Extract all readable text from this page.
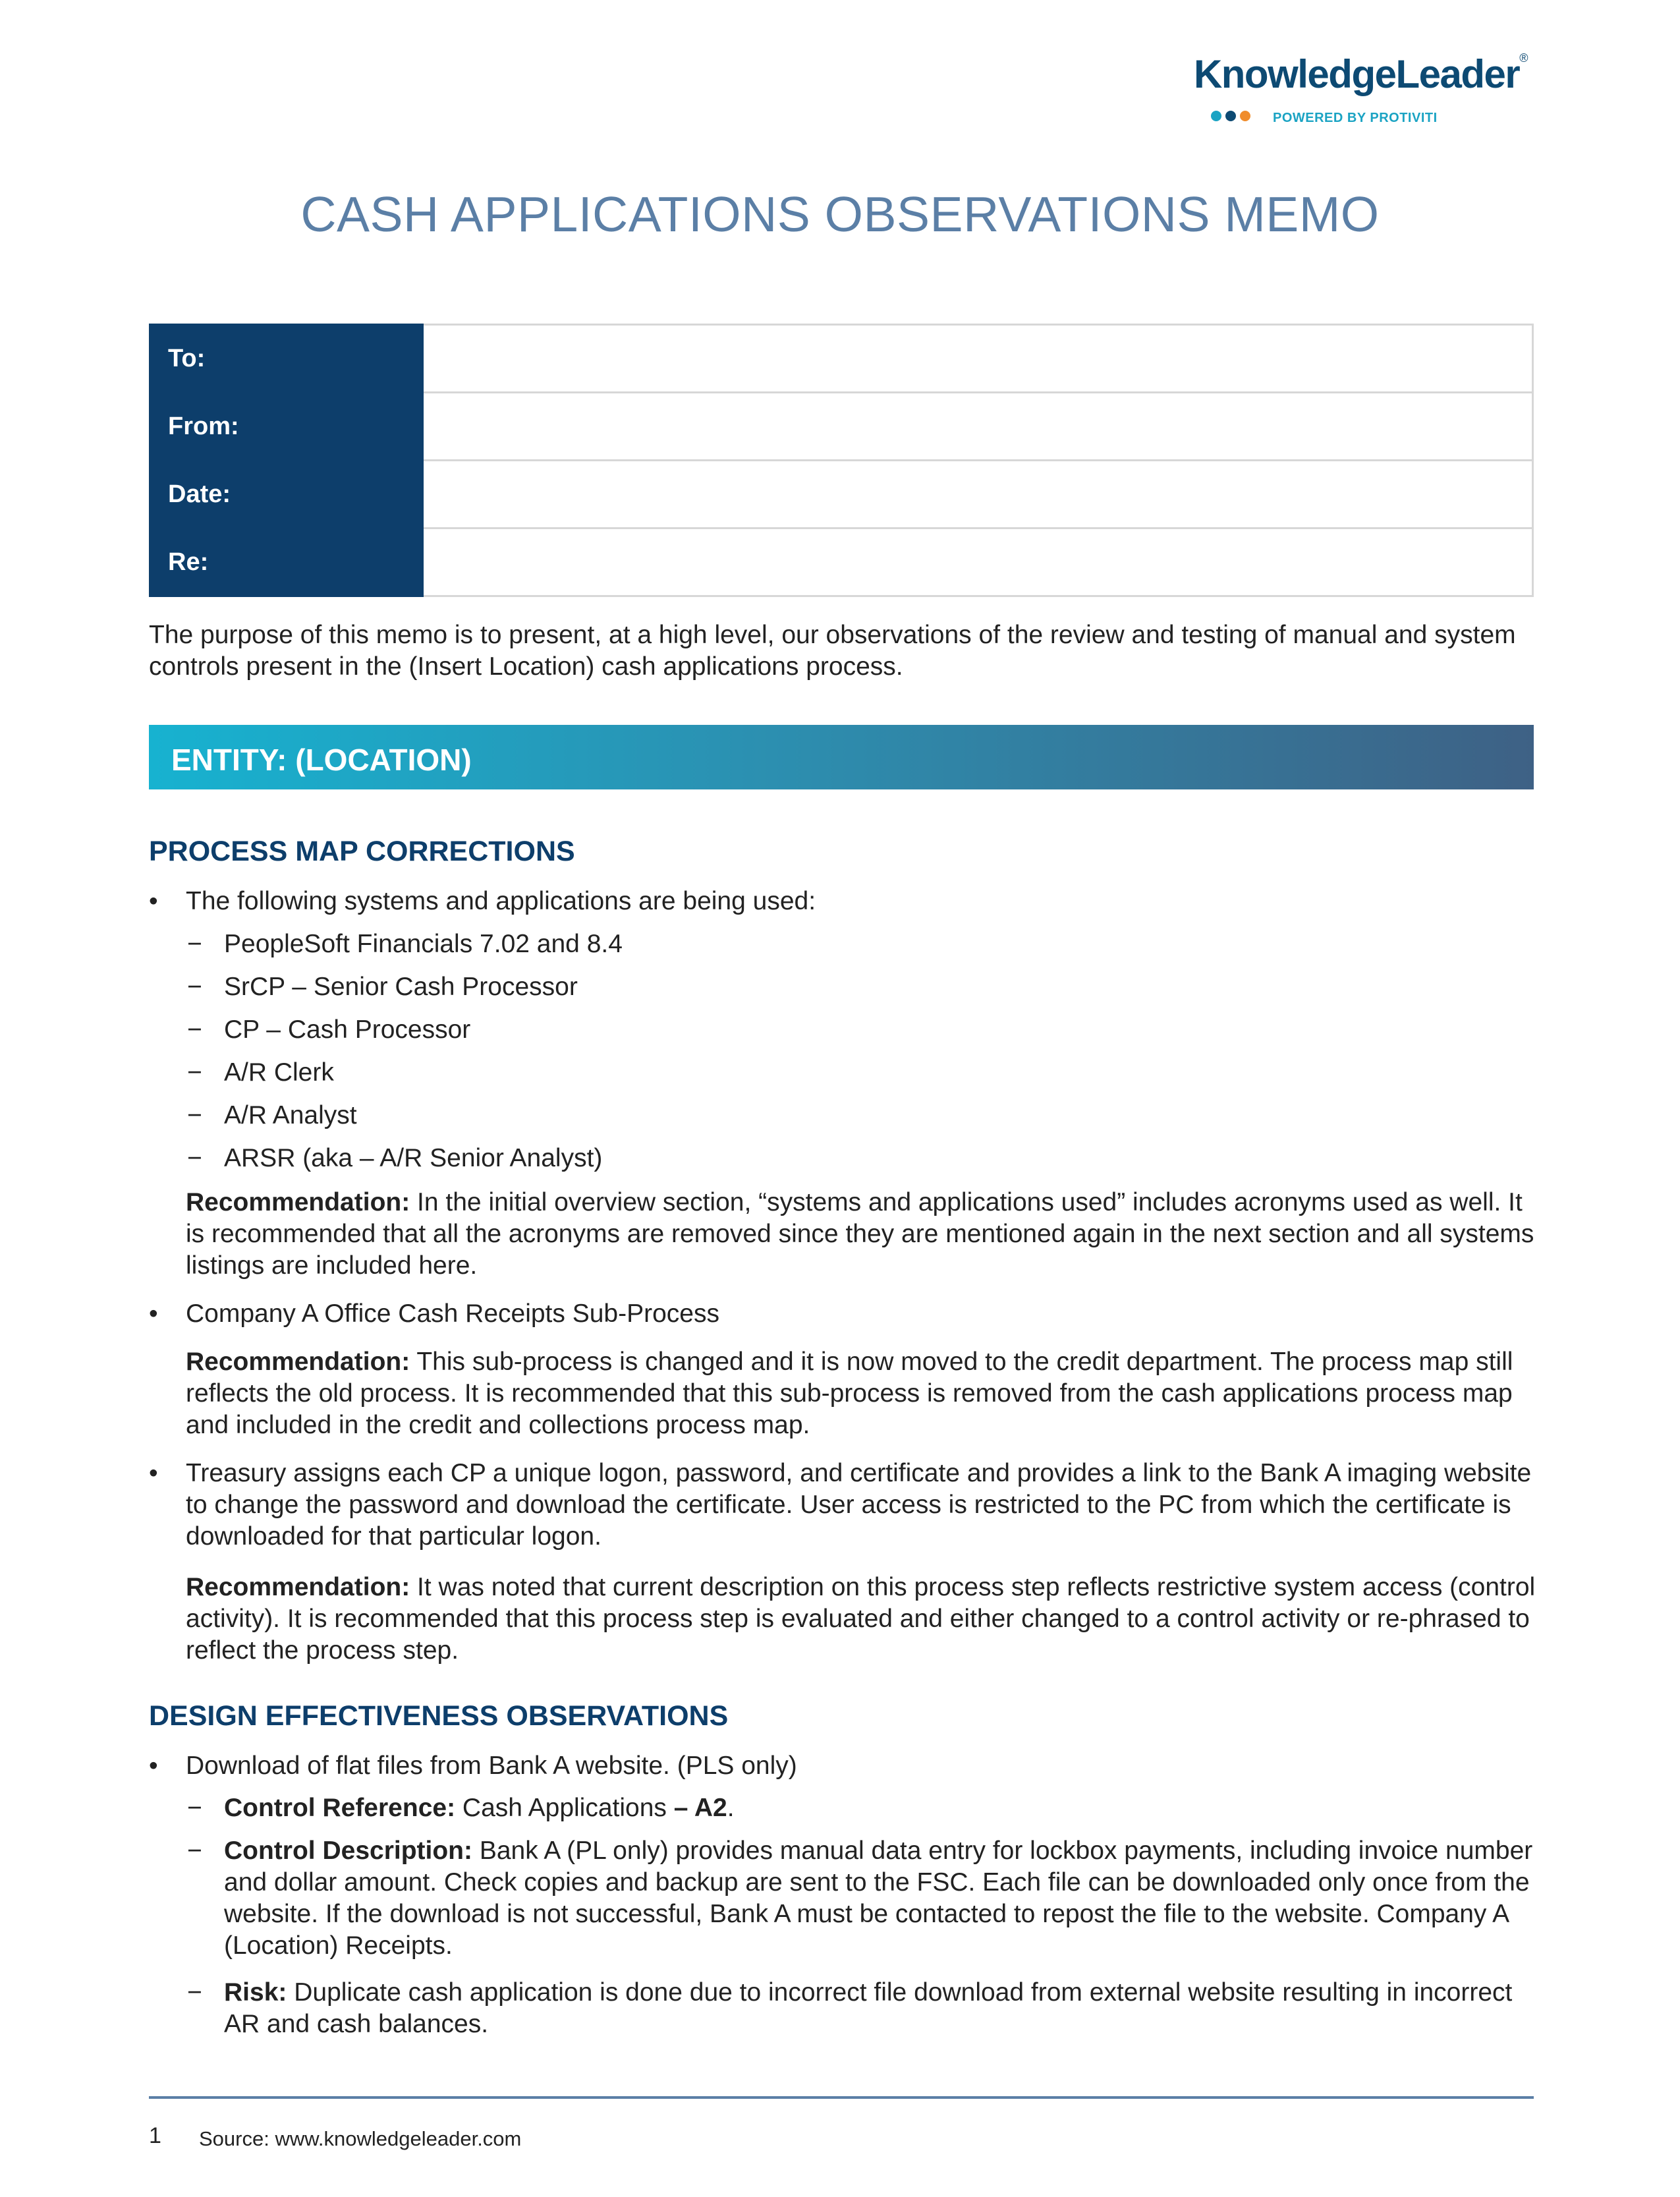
KnowledgeLeader®
POWERED BY PROTIVITI
CASH APPLICATIONS OBSERVATIONS MEMO
To:	
From:	
Date:	
Re:	
The purpose of this memo is to present, at a high level, our observations of the review and testing of manual and system controls present in the (Insert Location) cash applications process.
ENTITY: (LOCATION)
PROCESS MAP CORRECTIONS
• The following systems and applications are being used:
− PeopleSoft Financials 7.02 and 8.4
− SrCP – Senior Cash Processor
− CP – Cash Processor
− A/R Clerk
− A/R Analyst
− ARSR (aka – A/R Senior Analyst)
Recommendation: In the initial overview section, “systems and applications used” includes acronyms used as well. It is recommended that all the acronyms are removed since they are mentioned again in the next section and all systems listings are included here.
• Company A Office Cash Receipts Sub-Process
Recommendation: This sub-process is changed and it is now moved to the credit department. The process map still reflects the old process. It is recommended that this sub-process is removed from the cash applications process map and included in the credit and collections process map.
• Treasury assigns each CP a unique logon, password, and certificate and provides a link to the Bank A imaging website to change the password and download the certificate. User access is restricted to the PC from which the certificate is downloaded for that particular logon.
Recommendation: It was noted that current description on this process step reflects restrictive system access (control activity). It is recommended that this process step is evaluated and either changed to a control activity or re-phrased to reflect the process step.
DESIGN EFFECTIVENESS OBSERVATIONS
• Download of flat files from Bank A website. (PLS only)
− Control Reference: Cash Applications – A2.
− Control Description: Bank A (PL only) provides manual data entry for lockbox payments, including invoice number and dollar amount. Check copies and backup are sent to the FSC. Each file can be downloaded only once from the website. If the download is not successful, Bank A must be contacted to repost the file to the website. Company A (Location) Receipts.
− Risk: Duplicate cash application is done due to incorrect file download from external website resulting in incorrect AR and cash balances.
1 Source: www.knowledgeleader.com
